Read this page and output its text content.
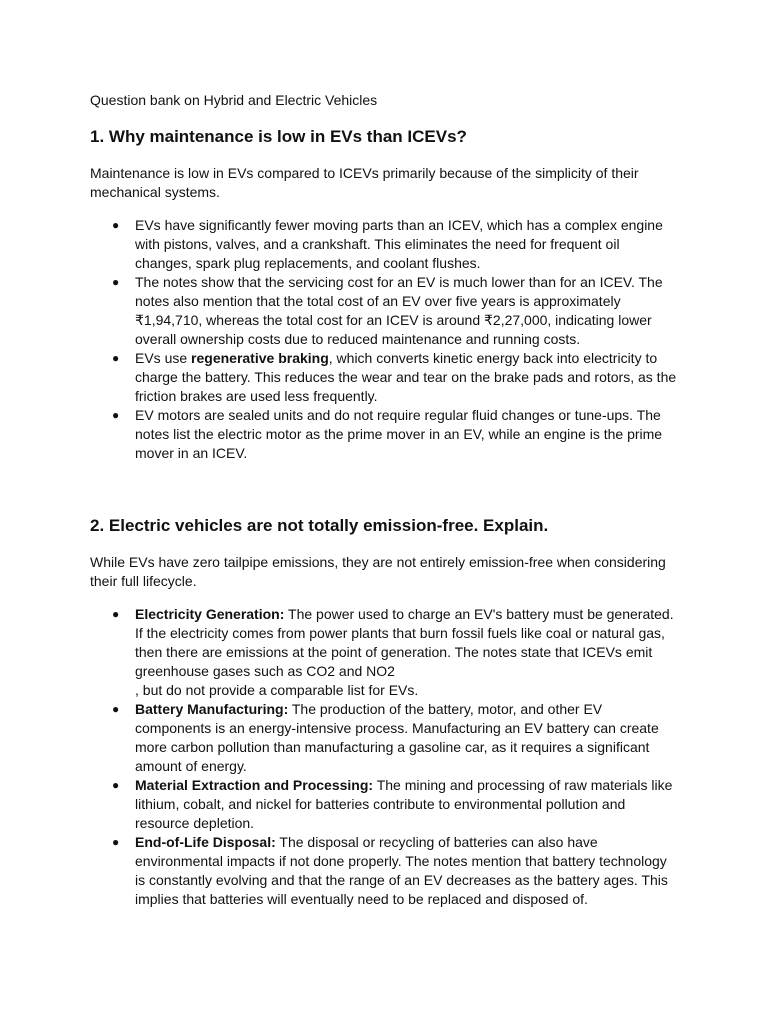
Question bank on Hybrid and Electric Vehicles
1. Why maintenance is low in EVs than ICEVs?
Maintenance is low in EVs compared to ICEVs primarily because of the simplicity of their mechanical systems.
● EVs have significantly fewer moving parts than an ICEV, which has a complex engine with pistons, valves, and a crankshaft. This eliminates the need for frequent oil changes, spark plug replacements, and coolant flushes.
● The notes show that the servicing cost for an EV is much lower than for an ICEV. The notes also mention that the total cost of an EV over five years is approximately ₹1,94,710, whereas the total cost for an ICEV is around ₹2,27,000, indicating lower overall ownership costs due to reduced maintenance and running costs.
● EVs use regenerative braking, which converts kinetic energy back into electricity to charge the battery. This reduces the wear and tear on the brake pads and rotors, as the friction brakes are used less frequently.
● EV motors are sealed units and do not require regular fluid changes or tune-ups. The notes list the electric motor as the prime mover in an EV, while an engine is the prime mover in an ICEV.
2. Electric vehicles are not totally emission-free. Explain.
While EVs have zero tailpipe emissions, they are not entirely emission-free when considering their full lifecycle.
● Electricity Generation: The power used to charge an EV's battery must be generated. If the electricity comes from power plants that burn fossil fuels like coal or natural gas, then there are emissions at the point of generation. The notes state that ICEVs emit greenhouse gases such as CO2 and NO2
, but do not provide a comparable list for EVs.
● Battery Manufacturing: The production of the battery, motor, and other EV components is an energy-intensive process. Manufacturing an EV battery can create more carbon pollution than manufacturing a gasoline car, as it requires a significant amount of energy.
● Material Extraction and Processing: The mining and processing of raw materials like lithium, cobalt, and nickel for batteries contribute to environmental pollution and resource depletion.
● End-of-Life Disposal: The disposal or recycling of batteries can also have environmental impacts if not done properly. The notes mention that battery technology is constantly evolving and that the range of an EV decreases as the battery ages. This implies that batteries will eventually need to be replaced and disposed of.
